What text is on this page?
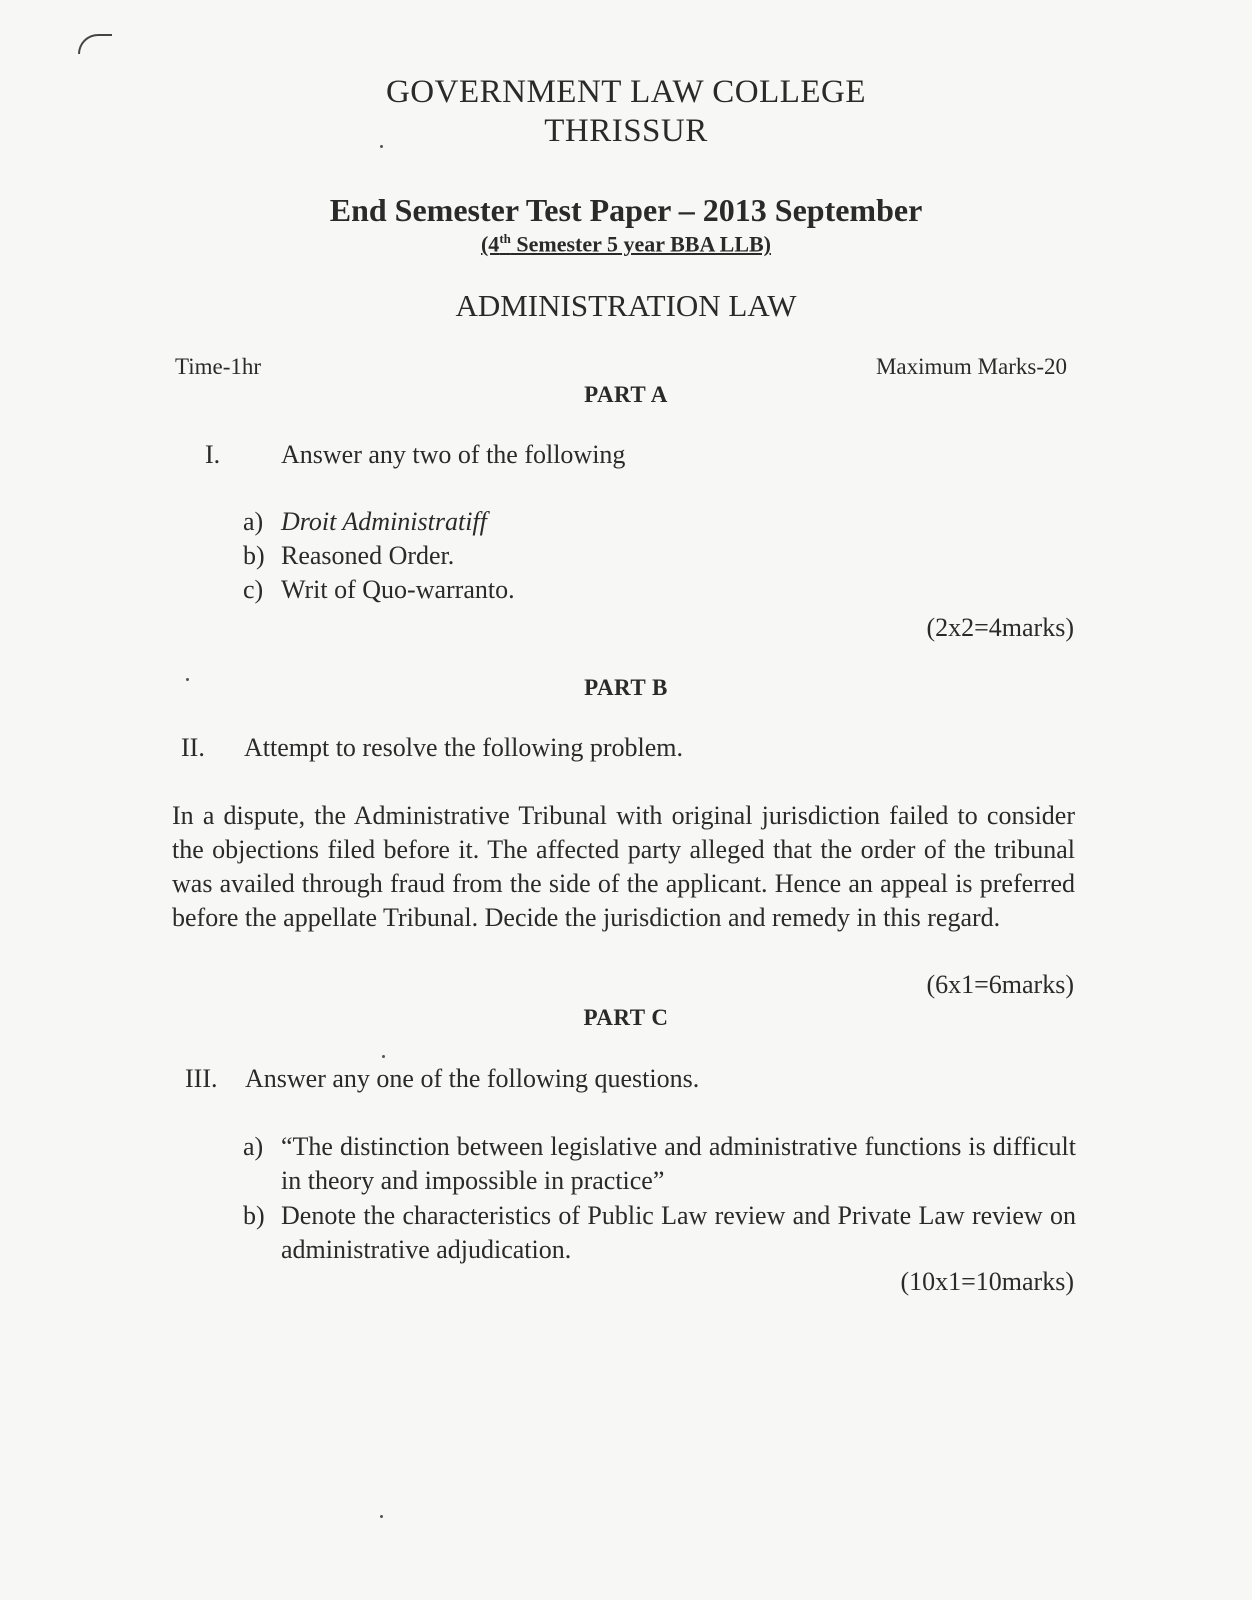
GOVERNMENT LAW COLLEGE
THRISSUR
End Semester Test Paper – 2013 September
(4th Semester 5 year BBA LLB)
ADMINISTRATION LAW
Time-1hr	Maximum Marks-20
PART A
I. Answer any two of the following
a) Droit Administratiff
b) Reasoned Order.
c) Writ of Quo-warranto.
(2x2=4marks)
PART B
II. Attempt to resolve the following problem.
In a dispute, the Administrative Tribunal with original jurisdiction failed to consider the objections filed before it. The affected party alleged that the order of the tribunal was availed through fraud from the side of the applicant. Hence an appeal is preferred before the appellate Tribunal. Decide the jurisdiction and remedy in this regard.
(6x1=6marks)
PART C
III. Answer any one of the following questions.
a) “The distinction between legislative and administrative functions is difficult in theory and impossible in practice”
b) Denote the characteristics of Public Law review and Private Law review on administrative adjudication.
(10x1=10marks)
